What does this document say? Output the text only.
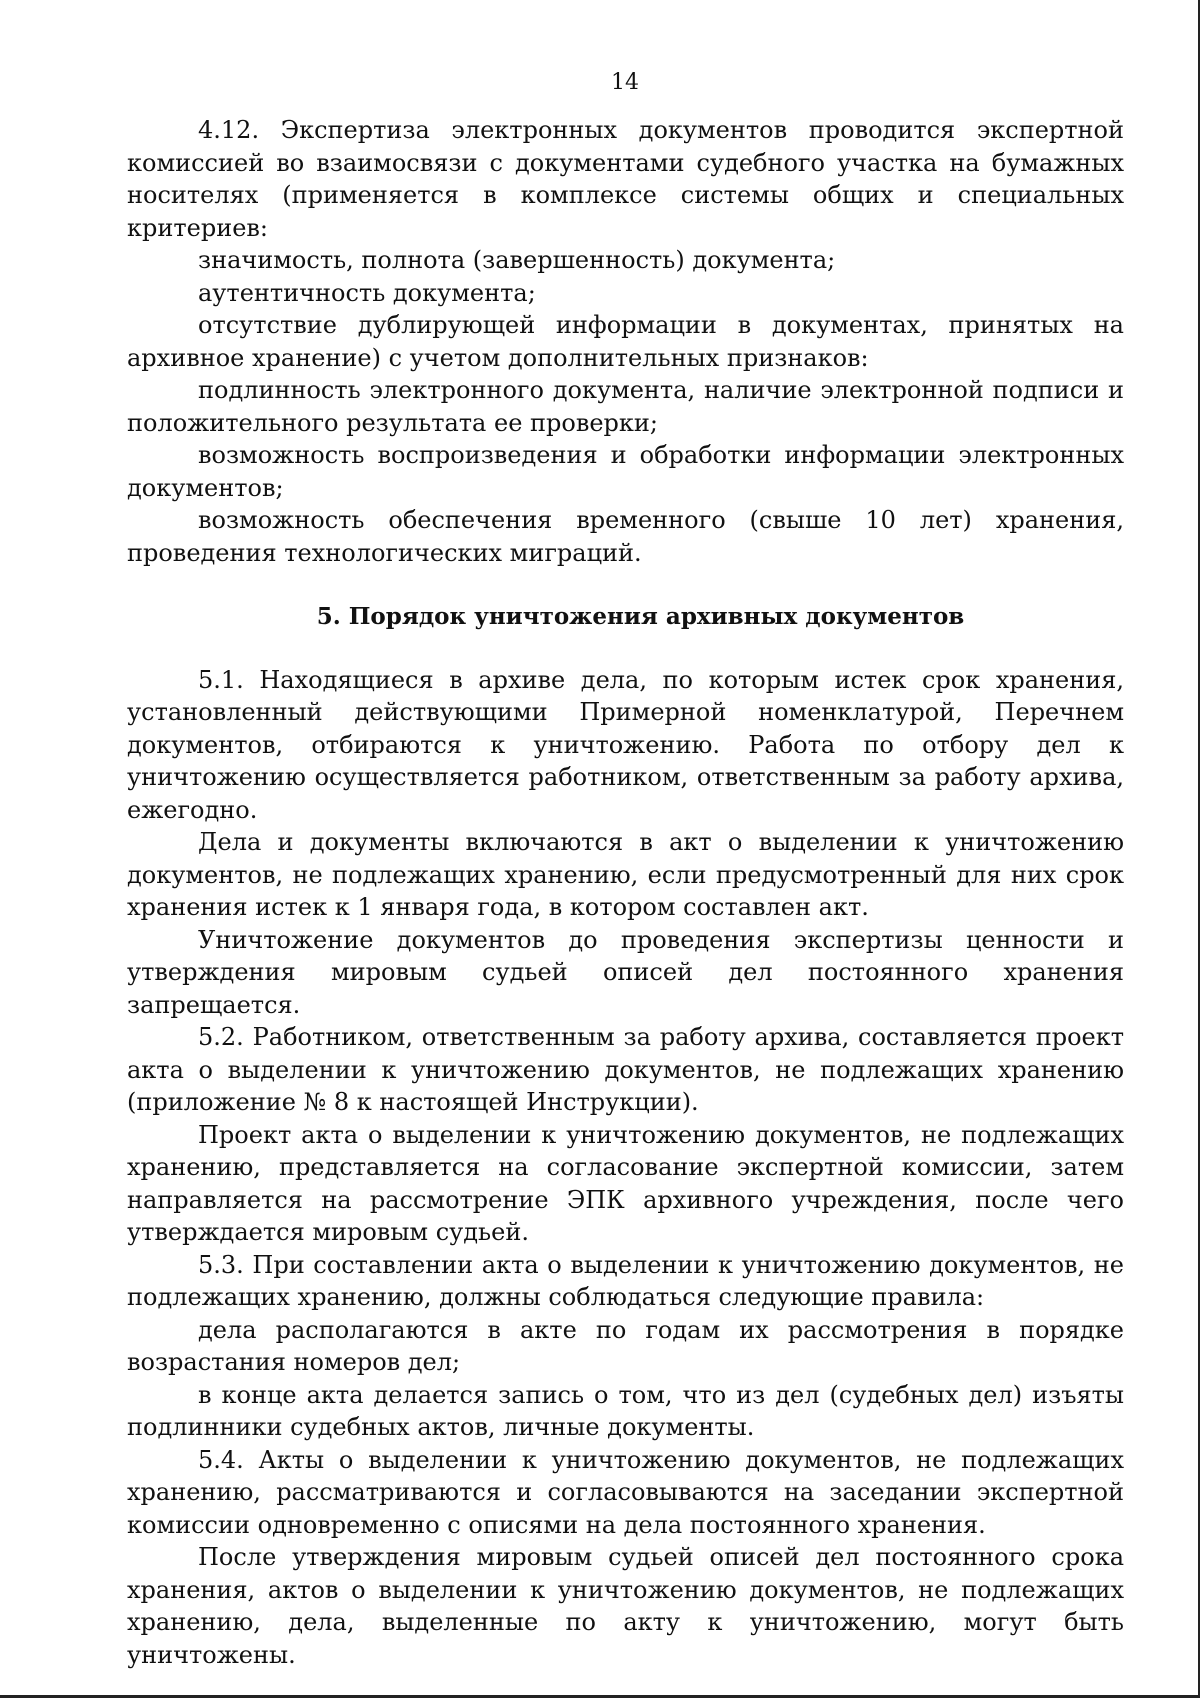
14

4.12. Экспертиза электронных документов проводится экспертной комиссией во взаимосвязи с документами судебного участка на бумажных носителях (применяется в комплексе системы общих и специальных критериев:

значимость, полнота (завершенность) документа;

аутентичность документа;

отсутствие дублирующей информации в документах, принятых на архивное хранение) с учетом дополнительных признаков:

подлинность электронного документа, наличие электронной подписи и положительного результата ее проверки;

возможность воспроизведения и обработки информации электронных документов;

возможность обеспечения временного (свыше 10 лет) хранения, проведения технологических миграций.

5. Порядок уничтожения архивных документов

5.1. Находящиеся в архиве дела, по которым истек срок хранения, установленный действующими Примерной номенклатурой, Перечнем документов, отбираются к уничтожению. Работа по отбору дел к уничтожению осуществляется работником, ответственным за работу архива, ежегодно.

Дела и документы включаются в акт о выделении к уничтожению документов, не подлежащих хранению, если предусмотренный для них срок хранения истек к 1 января года, в котором составлен акт.

Уничтожение документов до проведения экспертизы ценности и утверждения мировым судьей описей дел постоянного хранения запрещается.

5.2. Работником, ответственным за работу архива, составляется проект акта о выделении к уничтожению документов, не подлежащих хранению (приложение № 8 к настоящей Инструкции).

Проект акта о выделении к уничтожению документов, не подлежащих хранению, представляется на согласование экспертной комиссии, затем направляется на рассмотрение ЭПК архивного учреждения, после чего утверждается мировым судьей.

5.3. При составлении акта о выделении к уничтожению документов, не подлежащих хранению, должны соблюдаться следующие правила:

дела располагаются в акте по годам их рассмотрения в порядке возрастания номеров дел;

в конце акта делается запись о том, что из дел (судебных дел) изъяты подлинники судебных актов, личные документы.

5.4. Акты о выделении к уничтожению документов, не подлежащих хранению, рассматриваются и согласовываются на заседании экспертной комиссии одновременно с описями на дела постоянного хранения.

После утверждения мировым судьей описей дел постоянного срока хранения, актов о выделении к уничтожению документов, не подлежащих хранению, дела, выделенные по акту к уничтожению, могут быть уничтожены.
